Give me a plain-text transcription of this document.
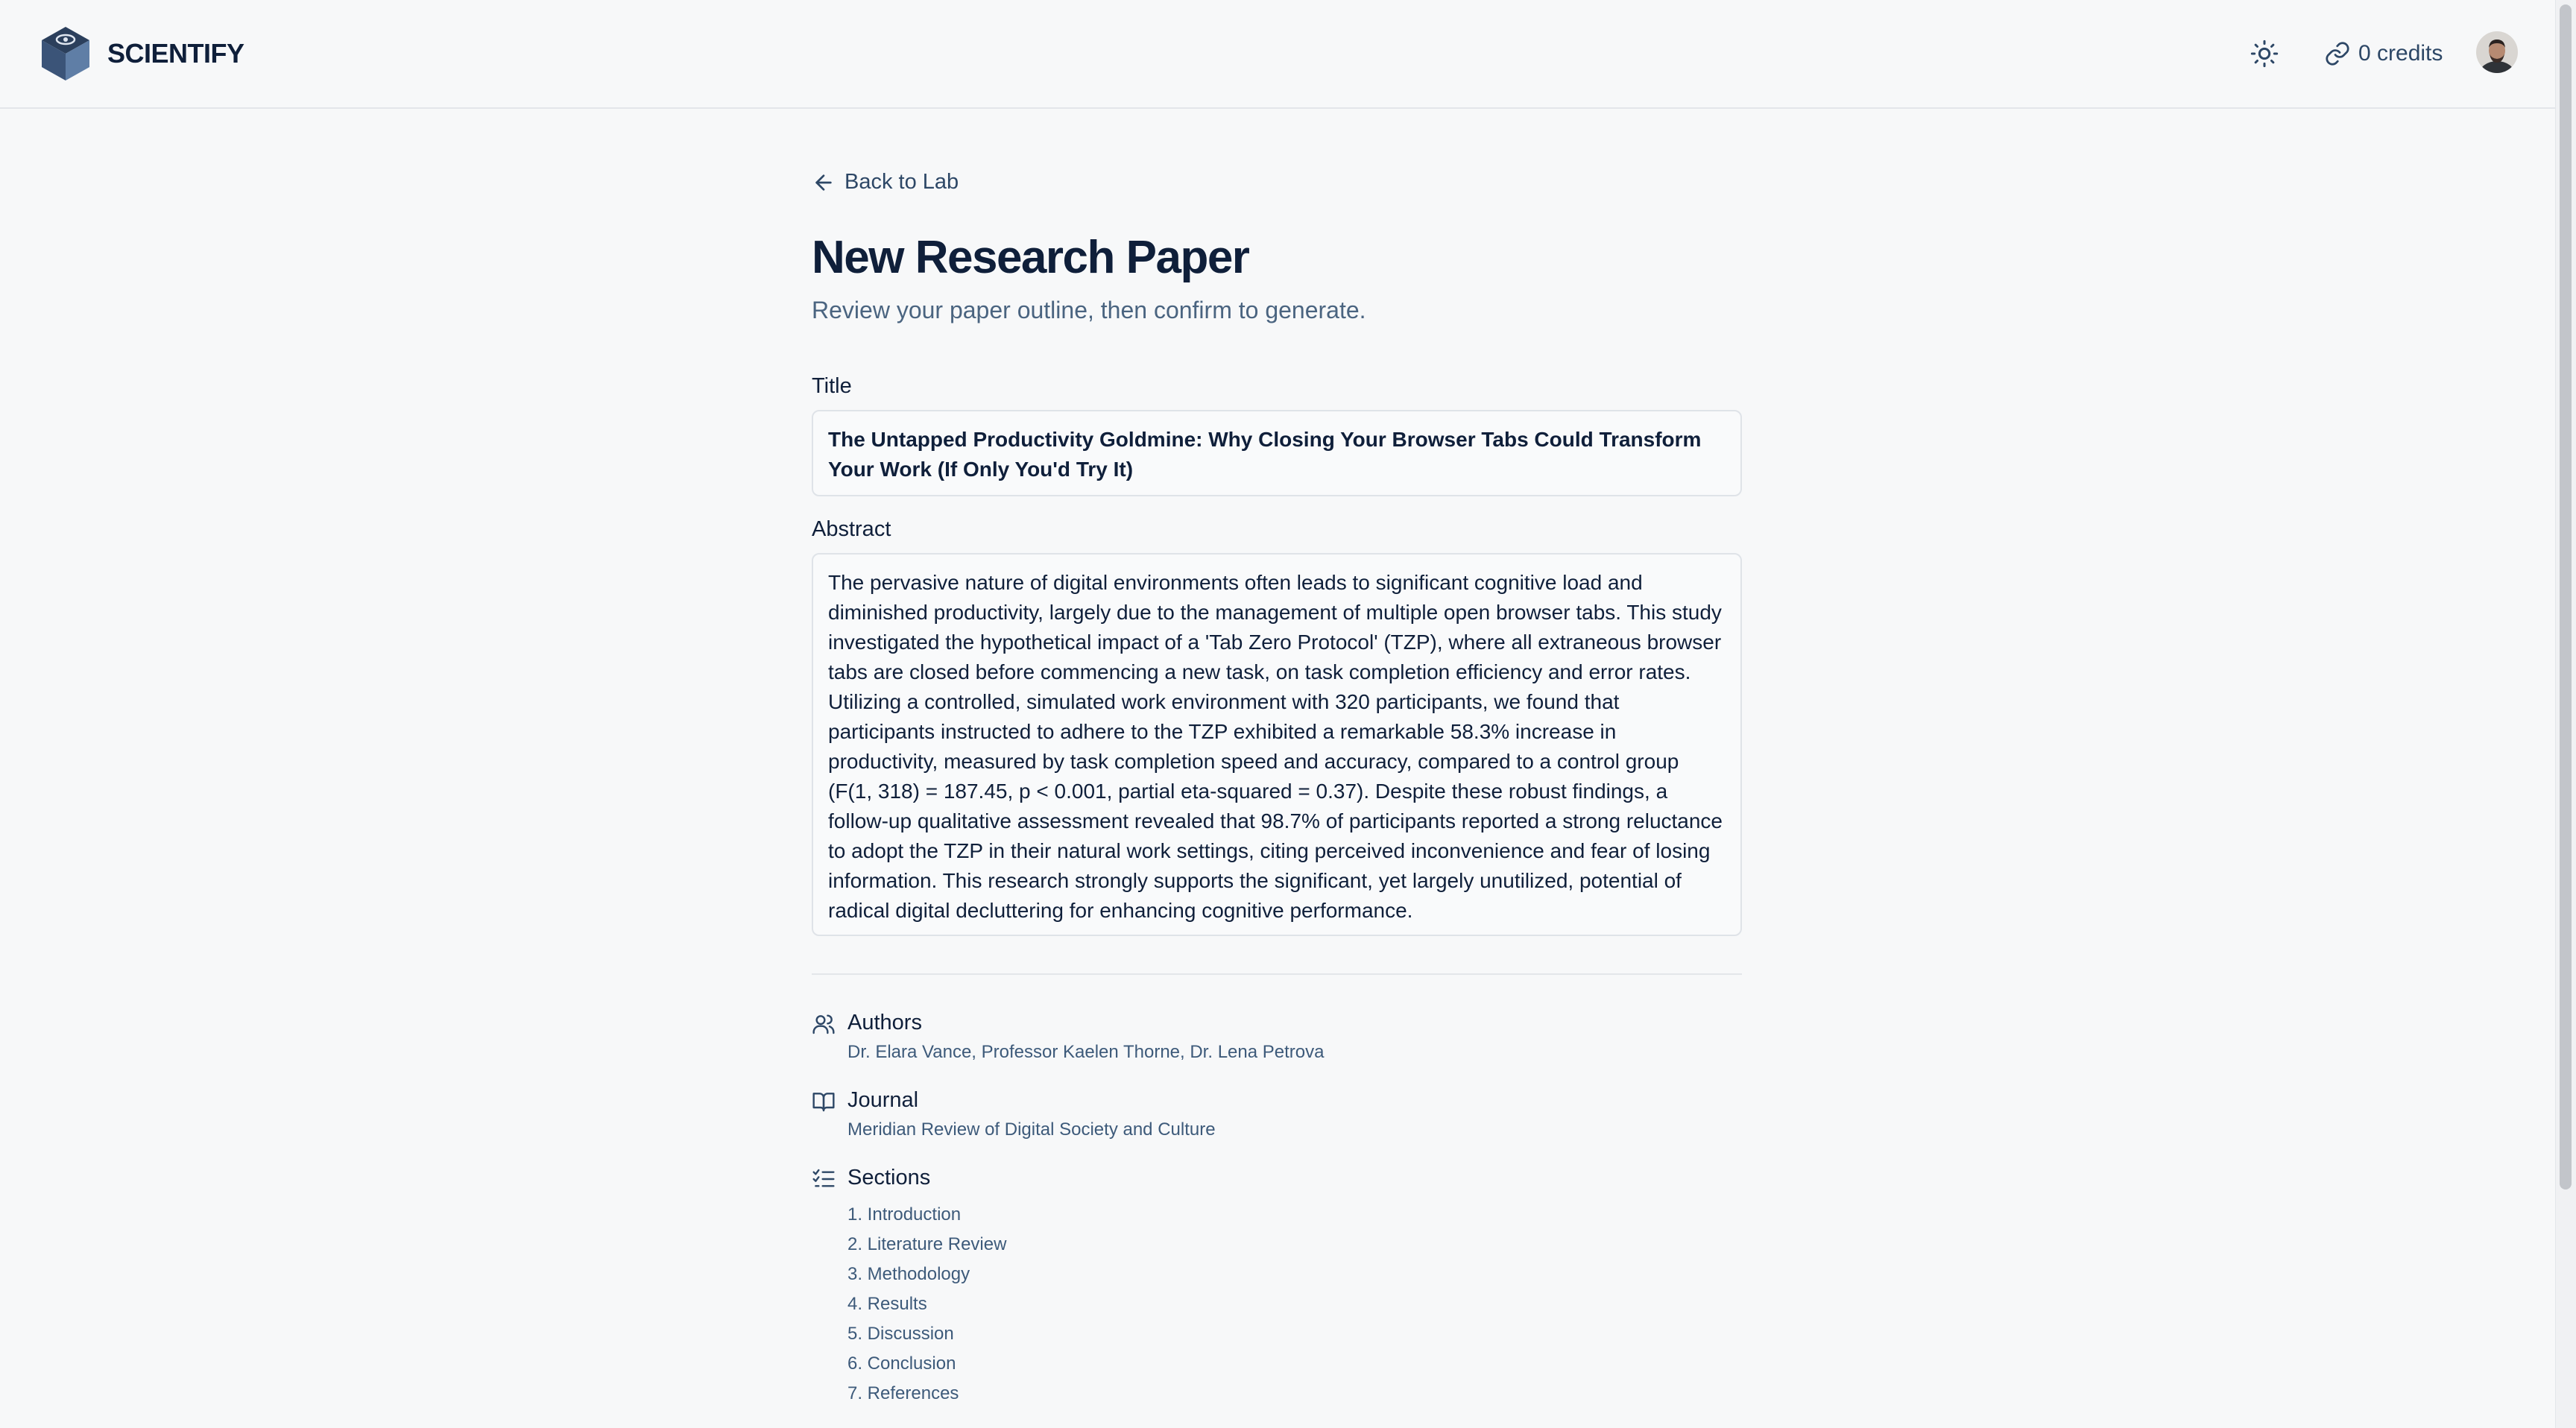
SCIENTIFY	0 credits
Back to Lab
New Research Paper

Review your paper outline, then confirm to generate.

Title
The Untapped Productivity Goldmine: Why Closing Your Browser Tabs Could Transform Your Work (If Only You'd Try It)
Abstract
The pervasive nature of digital environments often leads to significant cognitive load and diminished productivity, largely due to the management of multiple open browser tabs. This study investigated the hypothetical impact of a 'Tab Zero Protocol' (TZP), where all extraneous browser tabs are closed before commencing a new task, on task completion efficiency and error rates. Utilizing a controlled, simulated work environment with 320 participants, we found that participants instructed to adhere to the TZP exhibited a remarkable 58.3% increase in productivity, measured by task completion speed and accuracy, compared to a control group (F(1, 318) = 187.45, p < 0.001, partial eta-squared = 0.37). Despite these robust findings, a follow-up qualitative assessment revealed that 98.7% of participants reported a strong reluctance to adopt the TZP in their natural work settings, citing perceived inconvenience and fear of losing information. This research strongly supports the significant, yet largely unutilized, potential of radical digital decluttering for enhancing cognitive performance.
Authors
Dr. Elara Vance, Professor Kaelen Thorne, Dr. Lena Petrova
Journal
Meridian Review of Digital Society and Culture
Sections
1. Introduction
2. Literature Review
3. Methodology
4. Results
5. Discussion
6. Conclusion
7. References
